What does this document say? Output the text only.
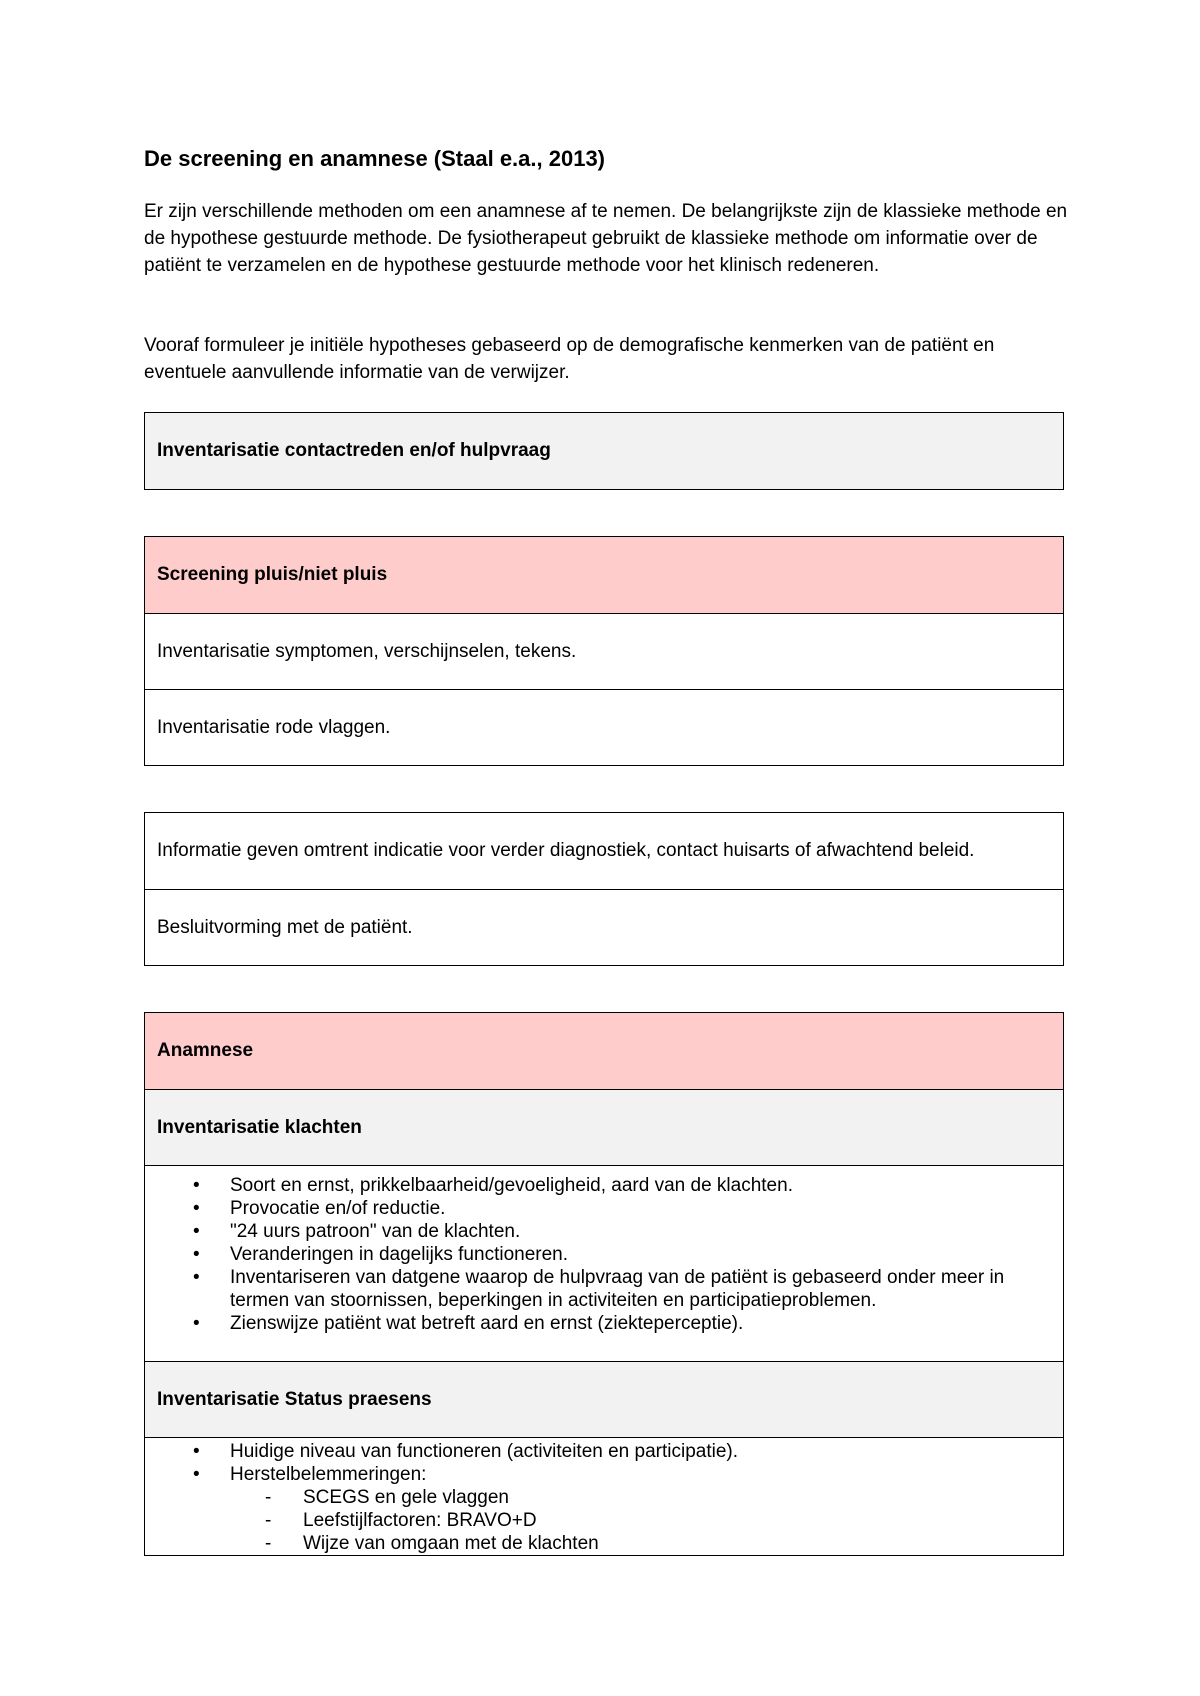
De screening en anamnese (Staal e.a., 2013)

Er zijn verschillende methoden om een anamnese af te nemen. De belangrijkste zijn de klassieke methode en de hypothese gestuurde methode. De fysiotherapeut gebruikt de klassieke methode om informatie over de patiënt te verzamelen en de hypothese gestuurde methode voor het klinisch redeneren.

Vooraf formuleer je initiële hypotheses gebaseerd op de demografische kenmerken van de patiënt en eventuele aanvullende informatie van de verwijzer.

Inventarisatie contactreden en/of hulpvraag
Screening pluis/niet pluis
Inventarisatie symptomen, verschijnselen, tekens.
Inventarisatie rode vlaggen.
Informatie geven omtrent indicatie voor verder diagnostiek, contact huisarts of afwachtend beleid.
Besluitvorming met de patiënt.
Anamnese
Inventarisatie klachten
• Soort en ernst, prikkelbaarheid/gevoeligheid, aard van de klachten.
• Provocatie en/of reductie.
• "24 uurs patroon" van de klachten.
• Veranderingen in dagelijks functioneren.
• Inventariseren van datgene waarop de hulpvraag van de patiënt is gebaseerd onder meer in termen van stoornissen, beperkingen in activiteiten en participatieproblemen.
• Zienswijze patiënt wat betreft aard en ernst (ziekteperceptie).
Inventarisatie Status praesens
• Huidige niveau van functioneren (activiteiten en participatie).
• Herstelbelemmeringen:
- SCEGS en gele vlaggen
- Leefstijlfactoren: BRAVO+D
- Wijze van omgaan met de klachten
